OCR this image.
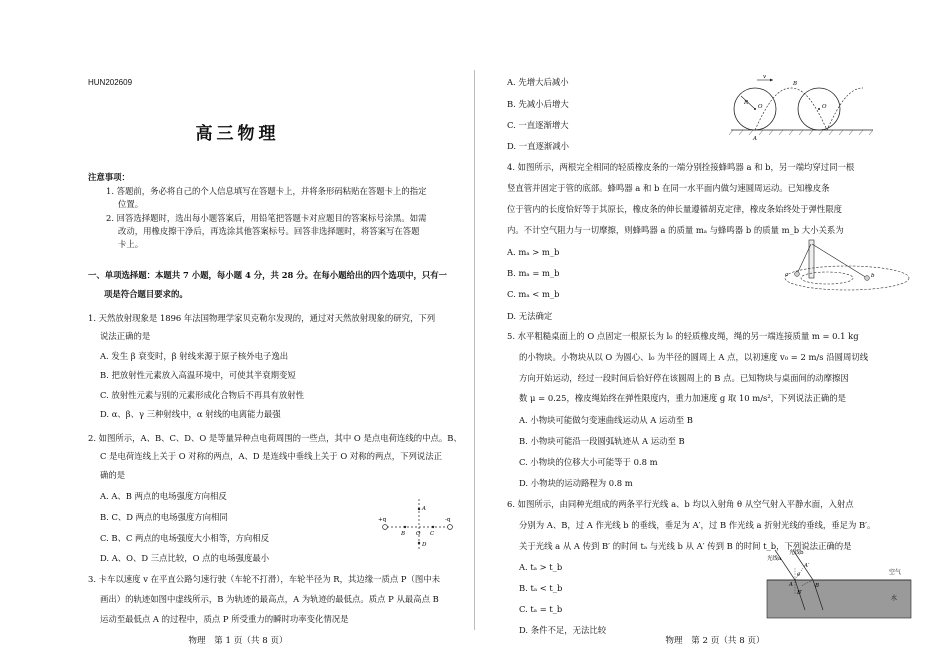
HUN202609
高三物理
注意事项：
1. 答题前，务必将自己的个人信息填写在答题卡上，并将条形码粘贴在答题卡上的指定
位置。
2. 回答选择题时，选出每小题答案后，用铅笔把答题卡对应题目的答案标号涂黑。如需
改动，用橡皮擦干净后，再选涂其他答案标号。回答非选择题时，将答案写在答题
卡上。
一、单项选择题：本题共 7 小题，每小题 4 分，共 28 分。在每小题给出的四个选项中，只有一
项是符合题目要求的。
1. 天然放射现象是 1896 年法国物理学家贝克勒尔发现的，通过对天然放射现象的研究，下列
说法正确的是
A. 发生 β 衰变时，β 射线来源于原子核外电子逸出
B. 把放射性元素放入高温环境中，可使其半衰期变短
C. 放射性元素与别的元素形成化合物后不再具有放射性
D. α、β、γ 三种射线中，α 射线的电离能力最强
2. 如图所示，A、B、C、D、O 是等量异种点电荷周围的一些点，其中 O 是点电荷连线的中点。B、
C 是电荷连线上关于 O 对称的两点，A、D 是连线中垂线上关于 O 对称的两点，下列说法正
确的是
A. A、B 两点的电场强度方向相反
B. C、D 两点的电场强度方向相同
C. B、C 两点的电场强度大小相等，方向相反
D. A、O、D 三点比较，O 点的电场强度最小
+q	-q
A
B O C
D
3. 卡车以速度 v 在平直公路匀速行驶（车轮不打滑），车轮半径为 R，其边缘一质点 P（图中未
画出）的轨迹如图中虚线所示，B 为轨迹的最高点，A 为轨迹的最低点。质点 P 从最高点 B
运动至最低点 A 的过程中，质点 P 所受重力的瞬时功率变化情况是
物理　第 1 页（共 8 页）
A. 先增大后减小
B. 先减小后增大
C. 一直逐渐增大
D. 一直逐渐减小
v
R
O	O
B
A
4. 如图所示，两根完全相同的轻质橡皮条的一端分别拴接蜂鸣器 a 和 b，另一端均穿过同一根
竖直管并固定于管的底部。蜂鸣器 a 和 b 在同一水平面内做匀速圆周运动。已知橡皮条
位于管内的长度恰好等于其原长，橡皮条的伸长量遵循胡克定律，橡皮条始终处于弹性限度
内。不计空气阻力与一切摩擦，则蜂鸣器 a 的质量 mₐ 与蜂鸣器 b 的质量 m_b 大小关系为
A. mₐ > m_b
B. mₐ = m_b
C. mₐ < m_b
D. 无法确定
a	b
5. 水平粗糙桌面上的 O 点固定一根原长为 l₀ 的轻质橡皮绳，绳的另一端连接质量 m = 0.1 kg
的小物块。小物块从以 O 为圆心、l₀ 为半径的圆周上 A 点，以初速度 v₀ = 2 m/s 沿圆周切线
方向开始运动，经过一段时间后恰好停在该圆周上的 B 点。已知物块与桌面间的动摩擦因
数 μ = 0.25，橡皮绳始终在弹性限度内，重力加速度 g 取 10 m/s²，下列说法正确的是
A. 小物块可能做匀变速曲线运动从 A 运动至 B
B. 小物块可能沿一段圆弧轨迹从 A 运动至 B
C. 小物块的位移大小可能等于 0.8 m
D. 小物块的运动路程为 0.8 m
6. 如图所示，由同种光组成的两条平行光线 a、b 均以入射角 θ 从空气射入平静水面，入射点
分别为 A、B，过 A 作光线 b 的垂线，垂足为 A′，过 B 作光线 a 折射光线的垂线，垂足为 B′。
关于光线 a 从 A 传到 B′ 的时间 tₐ 与光线 b 从 A′ 传到 B 的时间 t_b，下列说法正确的是
A. tₐ > t_b
B. tₐ < t_b
C. tₐ = t_b
D. 条件不足，无法比较
光线a
光线b
θ
A
A′
B
B′
空气
水
物理　第 2 页（共 8 页）
